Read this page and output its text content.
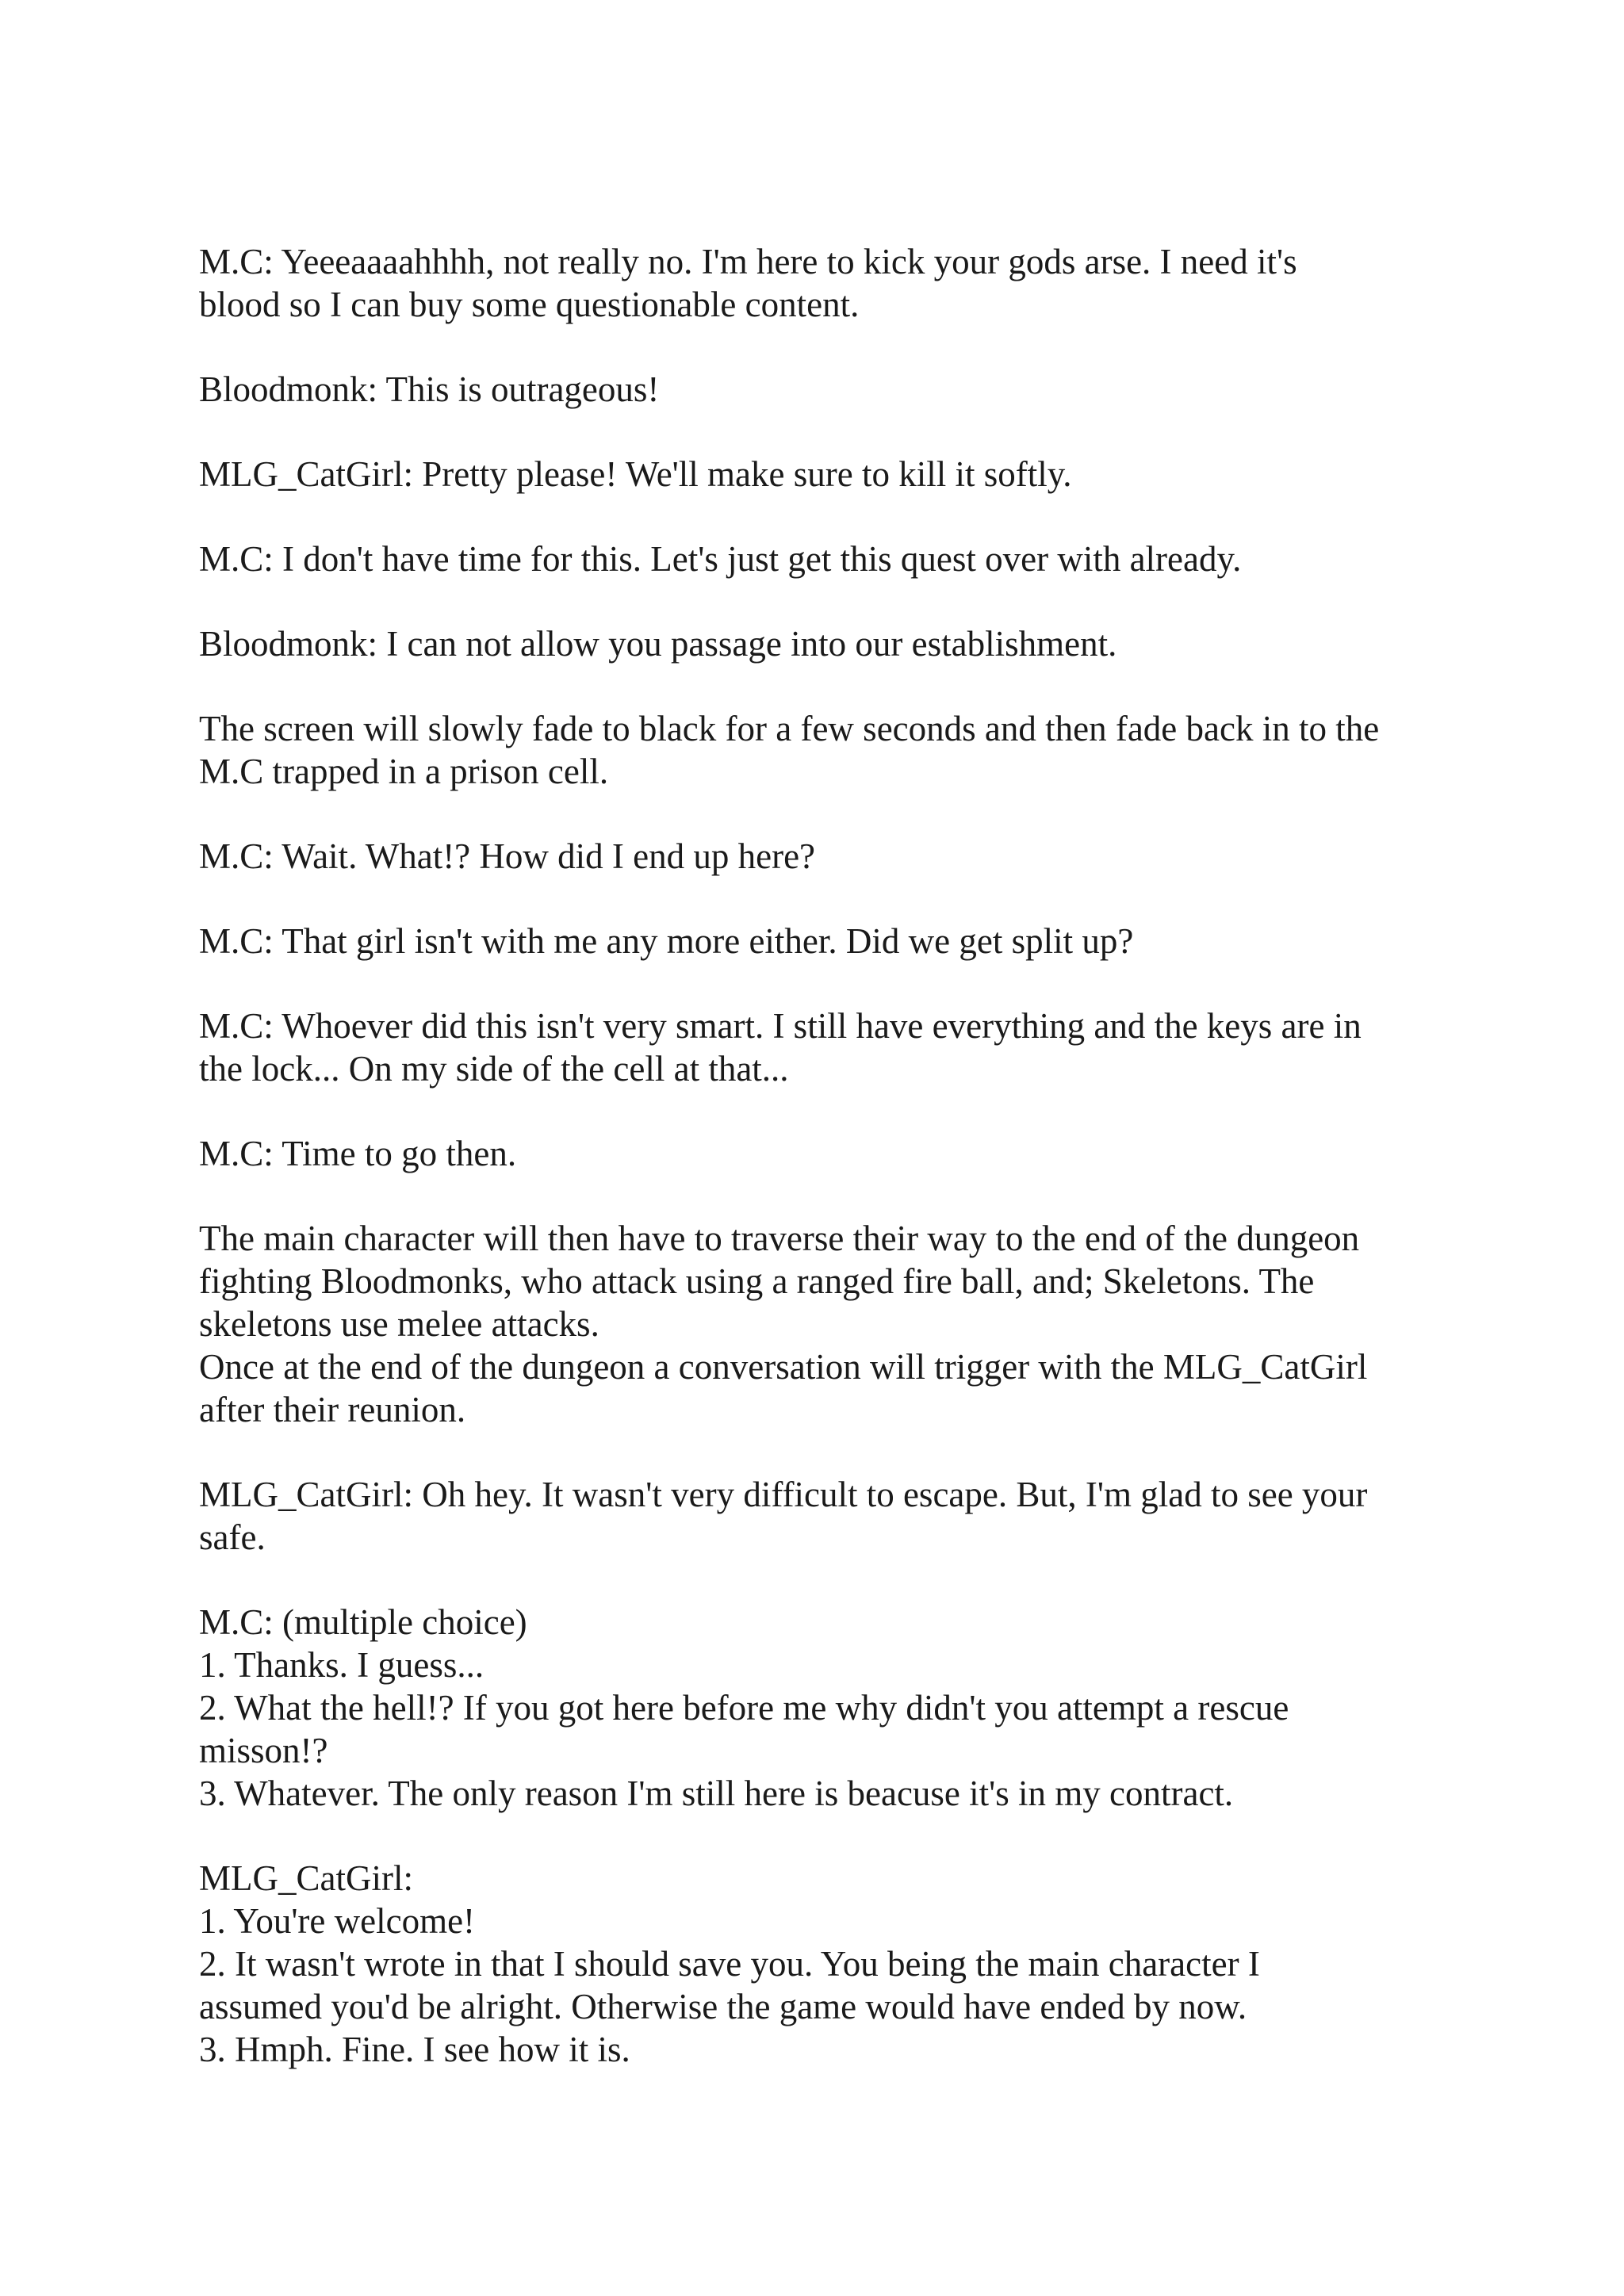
M.C: Yeeeaaaahhhh, not really no. I'm here to kick your gods arse. I need it's
blood so I can buy some questionable content.
Bloodmonk: This is outrageous!
MLG_CatGirl: Pretty please! We'll make sure to kill it softly.
M.C: I don't have time for this. Let's just get this quest over with already.
Bloodmonk: I can not allow you passage into our establishment.
The screen will slowly fade to black for a few seconds and then fade back in to the
M.C trapped in a prison cell.
M.C: Wait. What!? How did I end up here?
M.C: That girl isn't with me any more either. Did we get split up?
M.C: Whoever did this isn't very smart. I still have everything and the keys are in
the lock... On my side of the cell at that...
M.C: Time to go then.
The main character will then have to traverse their way to the end of the dungeon
fighting Bloodmonks, who attack using a ranged fire ball, and; Skeletons. The
skeletons use melee attacks.
Once at the end of the dungeon a conversation will trigger with the MLG_CatGirl
after their reunion.
MLG_CatGirl: Oh hey. It wasn't very difficult to escape. But, I'm glad to see your
safe.
M.C: (multiple choice)
1. Thanks. I guess...
2. What the hell!? If you got here before me why didn't you attempt a rescue
misson!?
3. Whatever. The only reason I'm still here is beacuse it's in my contract.
MLG_CatGirl:
1. You're welcome!
2. It wasn't wrote in that I should save you. You being the main character I
assumed you'd be alright. Otherwise the game would have ended by now.
3. Hmph. Fine. I see how it is.
